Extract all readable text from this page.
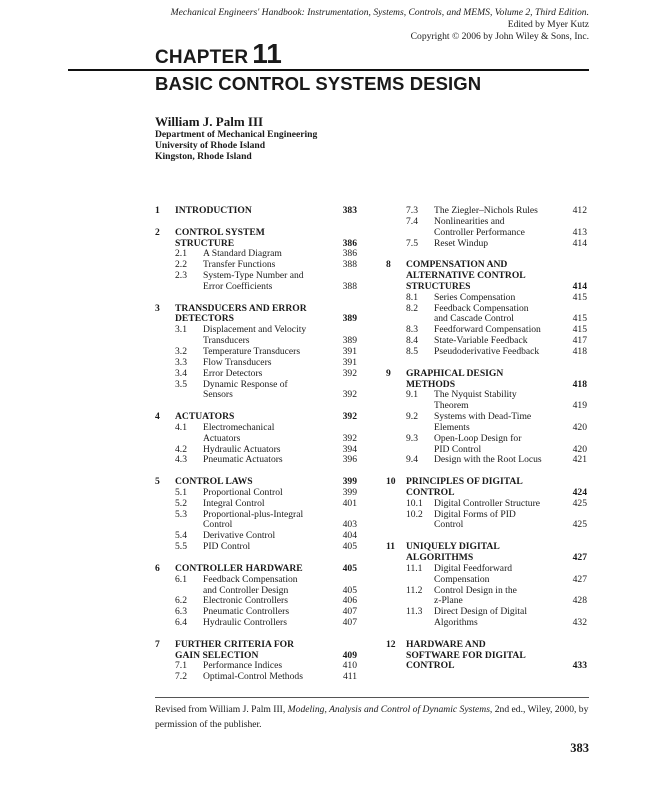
Mechanical Engineers' Handbook: Instrumentation, Systems, Controls, and MEMS, Volume 2, Third Edition.
Edited by Myer Kutz
Copyright © 2006 by John Wiley & Sons, Inc.
CHAPTER 11
BASIC CONTROL SYSTEMS DESIGN
William J. Palm III
Department of Mechanical Engineering
University of Rhode Island
Kingston, Rhode Island
1 INTRODUCTION	383
2 CONTROL SYSTEM
STRUCTURE	386
2.1 A Standard Diagram	386
2.2 Transfer Functions	388
2.3 System-Type Number and
Error Coefficients	388
3 TRANSDUCERS AND ERROR
DETECTORS	389
3.1 Displacement and Velocity
Transducers	389
3.2 Temperature Transducers	391
3.3 Flow Transducers	391
3.4 Error Detectors	392
3.5 Dynamic Response of
Sensors	392
4 ACTUATORS	392
4.1 Electromechanical
Actuators	392
4.2 Hydraulic Actuators	394
4.3 Pneumatic Actuators	396
5 CONTROL LAWS	399
5.1 Proportional Control	399
5.2 Integral Control	401
5.3 Proportional-plus-Integral
Control	403
5.4 Derivative Control	404
5.5 PID Control	405
6 CONTROLLER HARDWARE	405
6.1 Feedback Compensation
and Controller Design	405
6.2 Electronic Controllers	406
6.3 Pneumatic Controllers	407
6.4 Hydraulic Controllers	407
7 FURTHER CRITERIA FOR
GAIN SELECTION	409
7.1 Performance Indices	410
7.2 Optimal-Control Methods	411
7.3 The Ziegler–Nichols Rules	412
7.4 Nonlinearities and
Controller Performance	413
7.5 Reset Windup	414
8 COMPENSATION AND
ALTERNATIVE CONTROL
STRUCTURES	414
8.1 Series Compensation	415
8.2 Feedback Compensation
and Cascade Control	415
8.3 Feedforward Compensation	415
8.4 State-Variable Feedback	417
8.5 Pseudoderivative Feedback	418
9 GRAPHICAL DESIGN
METHODS	418
9.1 The Nyquist Stability
Theorem	419
9.2 Systems with Dead-Time
Elements	420
9.3 Open-Loop Design for
PID Control	420
9.4 Design with the Root Locus	421
10 PRINCIPLES OF DIGITAL
CONTROL	424
10.1 Digital Controller Structure	425
10.2 Digital Forms of PID
Control	425
11 UNIQUELY DIGITAL
ALGORITHMS	427
11.1 Digital Feedforward
Compensation	427
11.2 Control Design in the
z-Plane	428
11.3 Direct Design of Digital
Algorithms	432
12 HARDWARE AND
SOFTWARE FOR DIGITAL
CONTROL	433
Revised from William J. Palm III, Modeling, Analysis and Control of Dynamic Systems, 2nd ed., Wiley, 2000, by permission of the publisher.
383
